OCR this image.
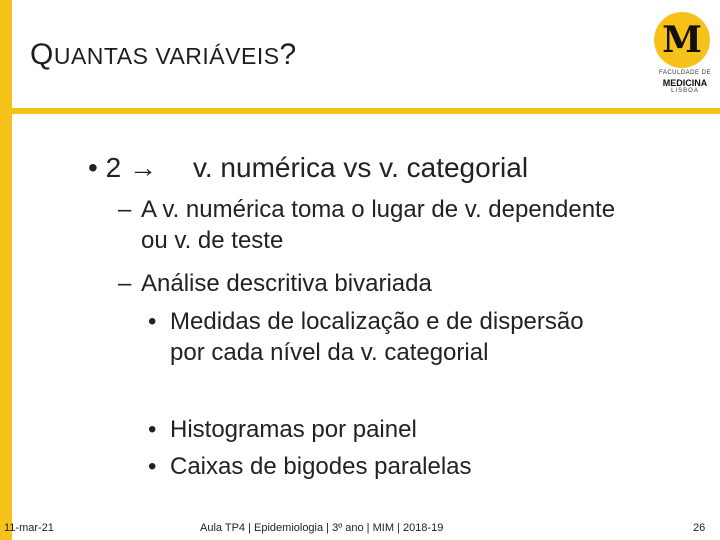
QUANTAS VARIÁVEIS?	M
FACULDADE DE
MEDICINA
LISBOA
• 2 → v. numérica vs v. categorial
– A v. numérica toma o lugar de v. dependente ou v. de teste
– Análise descritiva bivariada
• Medidas de localização e de dispersão por cada nível da v. categorial
• Histogramas por painel
• Caixas de bigodes paralelas
11-mar-21	Aula TP4 | Epidemiologia | 3º ano | MIM | 2018-19	26
